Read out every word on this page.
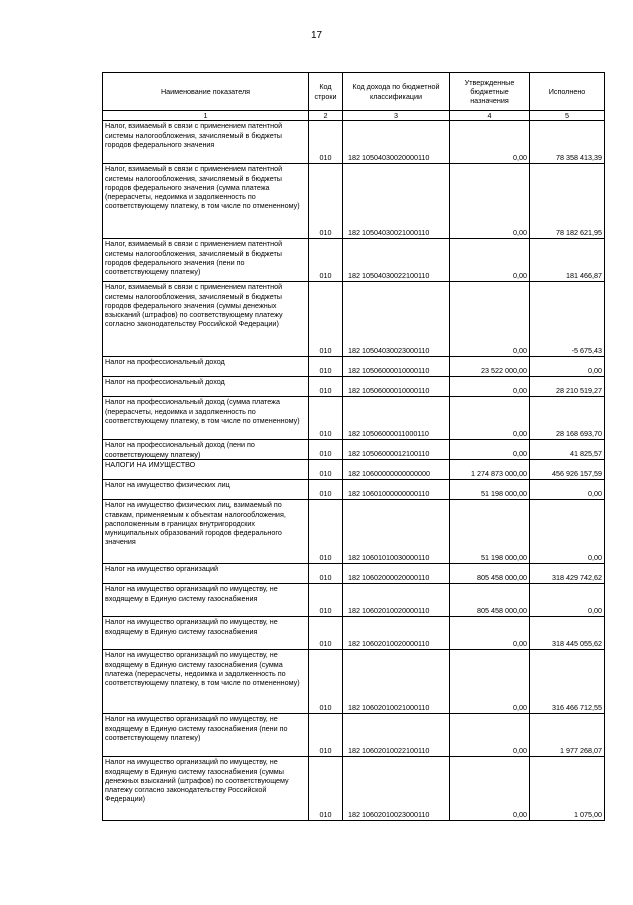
17
Наименование показателя	Код строки	Код дохода по бюджетной классификации	Утвержденные бюджетные назначения	Исполнено
1	2	3	4	5
Налог, взимаемый в связи с применением патентной системы налогообложения, зачисляемый в бюджеты городов федерального значения	010	182 10504030020000110	0,00	78 358 413,39
Налог, взимаемый в связи с применением патентной системы налогообложения, зачисляемый в бюджеты городов федерального значения (сумма платежа (перерасчеты, недоимка и задолженность по соответствующему платежу, в том числе по отмененному)	010	182 10504030021000110	0,00	78 182 621,95
Налог, взимаемый в связи с применением патентной системы налогообложения, зачисляемый в бюджеты городов федерального значения (пени по соответствующему платежу)	010	182 10504030022100110	0,00	181 466,87
Налог, взимаемый в связи с применением патентной системы налогообложения, зачисляемый в бюджеты городов федерального значения (суммы денежных взысканий (штрафов) по соответствующему платежу согласно законодательству Российской Федерации)	010	182 10504030023000110	0,00	-5 675,43
Налог на профессиональный доход	010	182 10506000010000110	23 522 000,00	0,00
Налог на профессиональный доход	010	182 10506000010000110	0,00	28 210 519,27
Налог на профессиональный доход (сумма платежа (перерасчеты, недоимка и задолженность по соответствующему платежу, в том числе по отмененному)	010	182 10506000011000110	0,00	28 168 693,70
Налог на профессиональный доход (пени по соответствующему платежу)	010	182 10506000012100110	0,00	41 825,57
НАЛОГИ НА ИМУЩЕСТВО	010	182 10600000000000000	1 274 873 000,00	456 926 157,59
Налог на имущество физических лиц	010	182 10601000000000110	51 198 000,00	0,00
Налог на имущество физических лиц, взимаемый по ставкам, применяемым к объектам налогообложения, расположенным в границах внутригородских муниципальных образований городов федерального значения	010	182 10601010030000110	51 198 000,00	0,00
Налог на имущество организаций	010	182 10602000020000110	805 458 000,00	318 429 742,62
Налог на имущество организаций по имуществу, не входящему в Единую систему газоснабжения	010	182 10602010020000110	805 458 000,00	0,00
Налог на имущество организаций по имуществу, не входящему в Единую систему газоснабжения	010	182 10602010020000110	0,00	318 445 055,62
Налог на имущество организаций по имуществу, не входящему в Единую систему газоснабжения (сумма платежа (перерасчеты, недоимка и задолженность по соответствующему платежу, в том числе по отмененному)	010	182 10602010021000110	0,00	316 466 712,55
Налог на имущество организаций по имуществу, не входящему в Единую систему газоснабжения (пени по соответствующему платежу)	010	182 10602010022100110	0,00	1 977 268,07
Налог на имущество организаций по имуществу, не входящему в Единую систему газоснабжения (суммы денежных взысканий (штрафов) по соответствующему платежу согласно законодательству Российской Федерации)	010	182 10602010023000110	0,00	1 075,00
